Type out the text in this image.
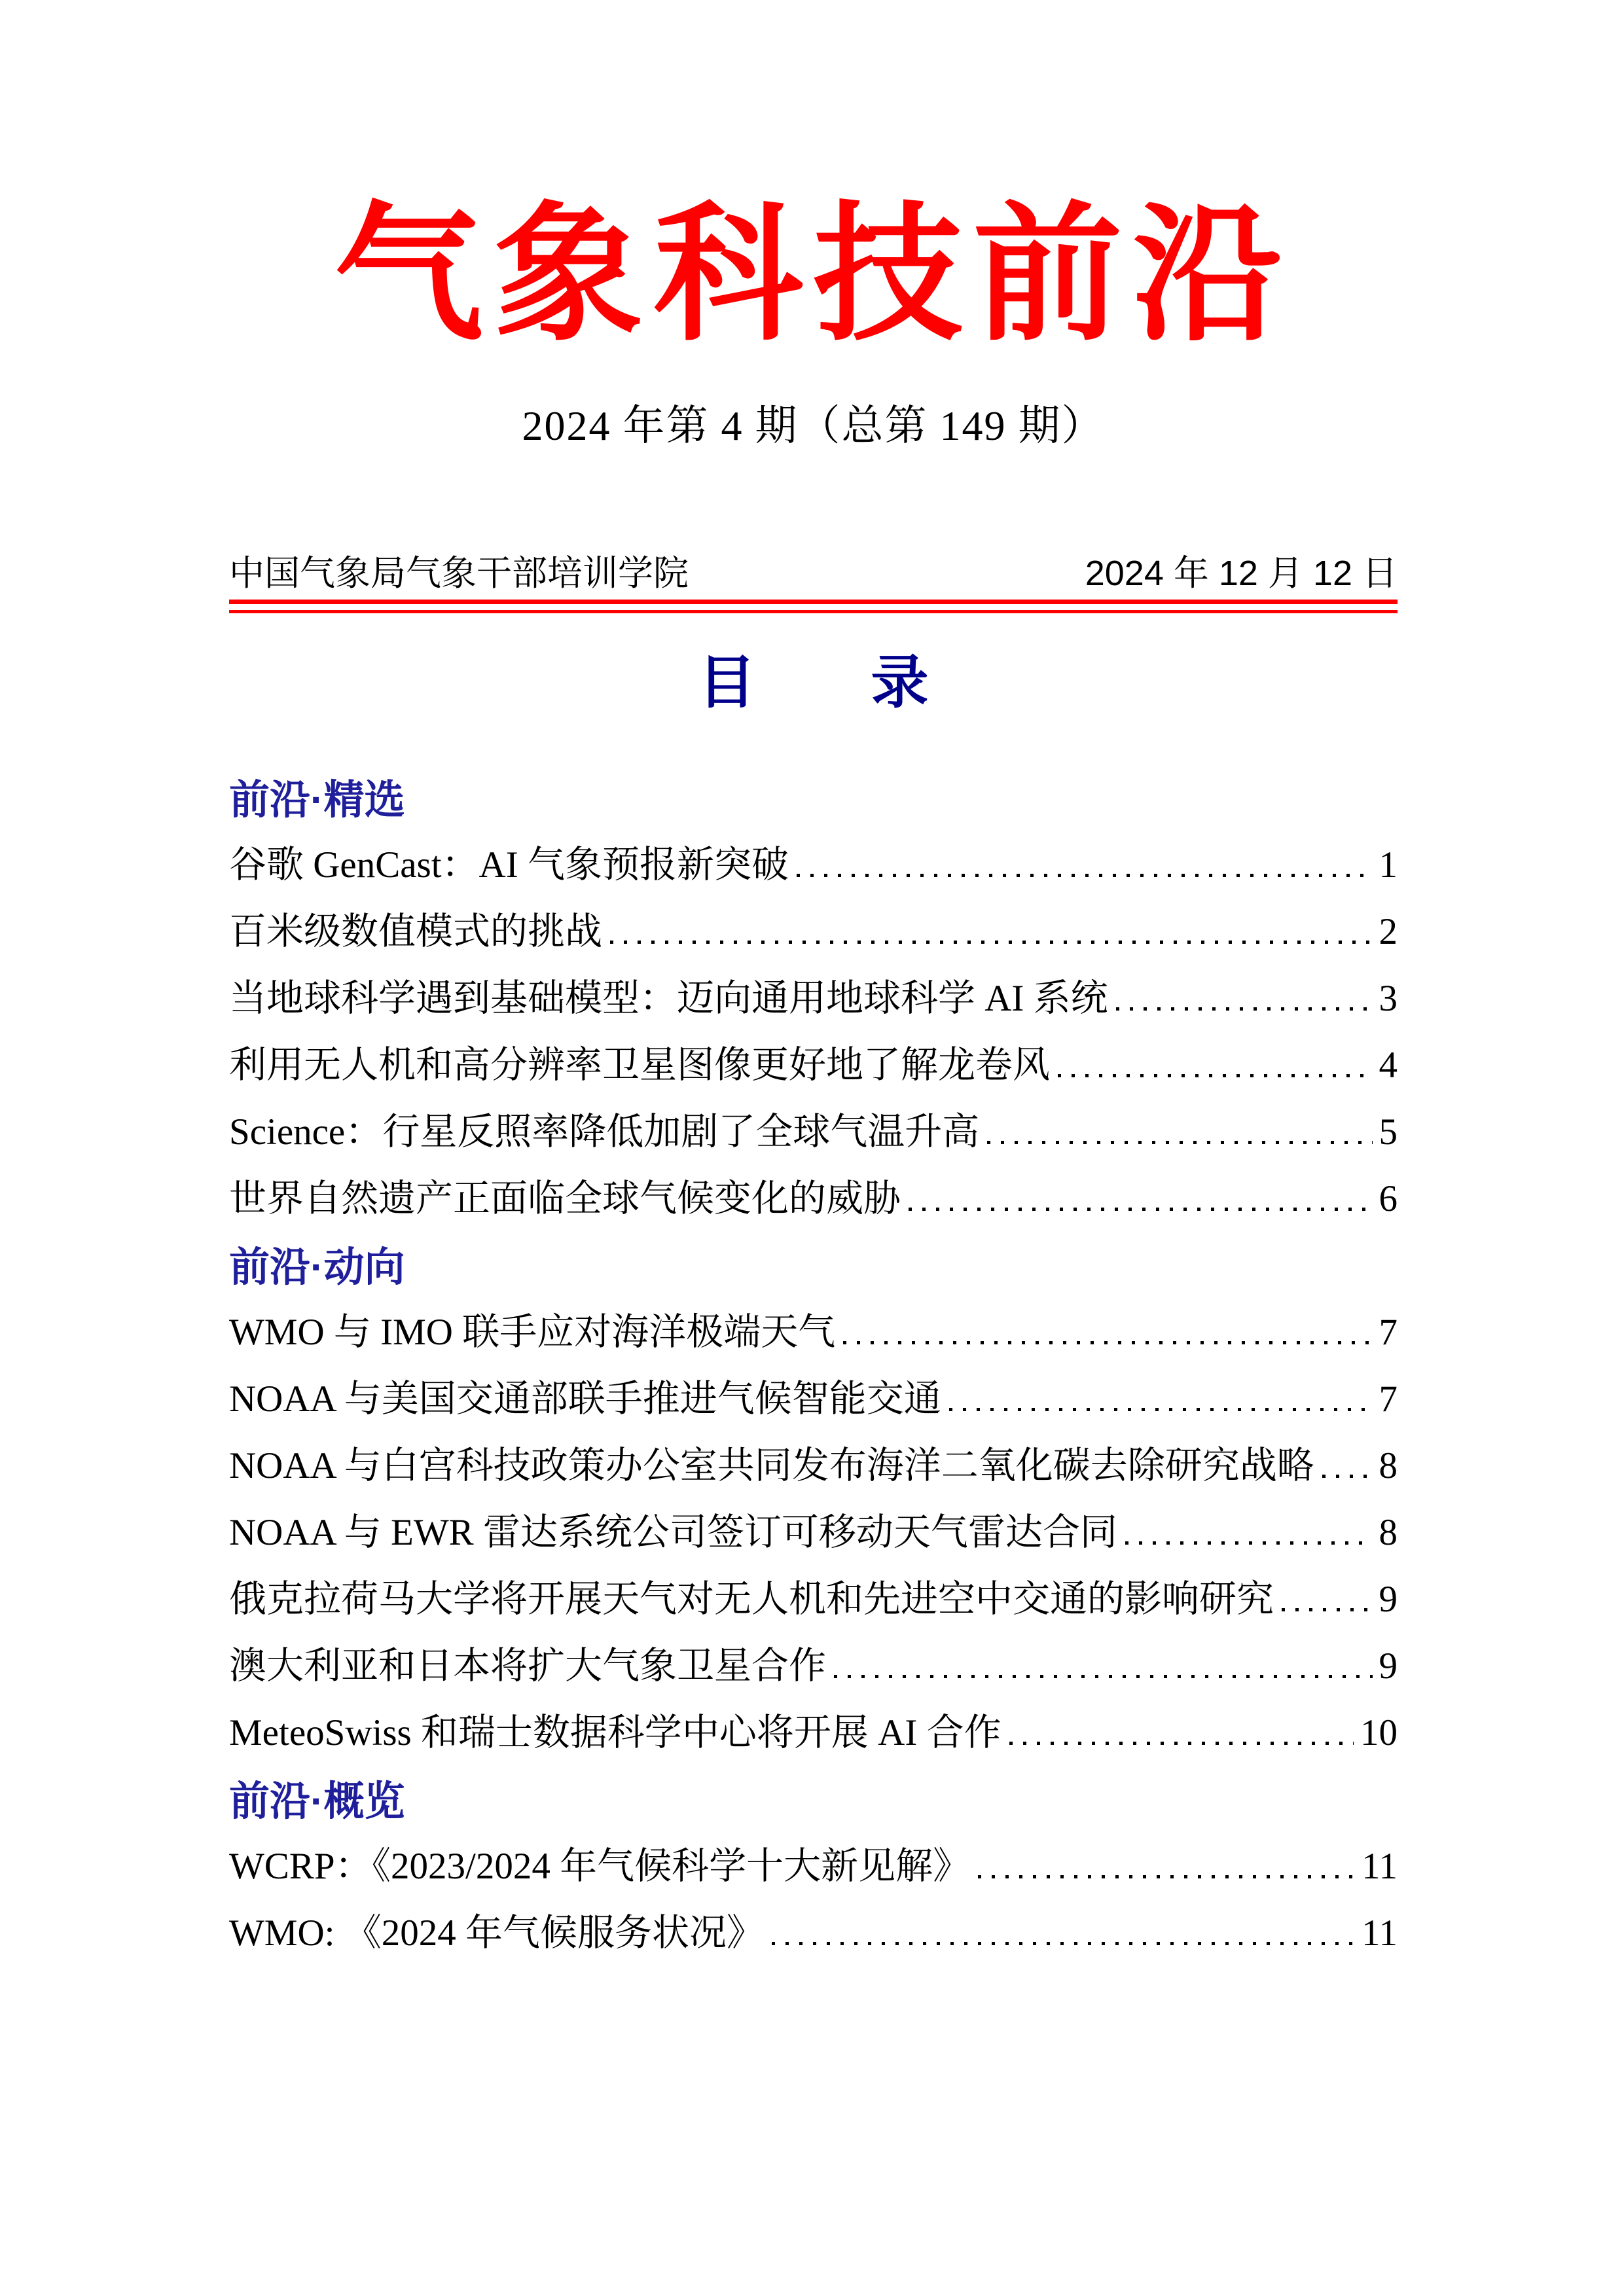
气象科技前沿
2024 年第 4 期（总第 149 期）
中国气象局气象干部培训学院	2024 年 12 月 12 日
目　　录
前沿·精选
谷歌 GenCast：AI 气象预报新突破	1
百米级数值模式的挑战	2
当地球科学遇到基础模型：迈向通用地球科学 AI 系统	3
利用无人机和高分辨率卫星图像更好地了解龙卷风	4
Science：行星反照率降低加剧了全球气温升高	5
世界自然遗产正面临全球气候变化的威胁	6
前沿·动向
WMO 与 IMO 联手应对海洋极端天气	7
NOAA 与美国交通部联手推进气候智能交通	7
NOAA 与白宫科技政策办公室共同发布海洋二氧化碳去除研究战略 8
NOAA 与 EWR 雷达系统公司签订可移动天气雷达合同	8
俄克拉荷马大学将开展天气对无人机和先进空中交通的影响研究	9
澳大利亚和日本将扩大气象卫星合作	9
MeteoSwiss 和瑞士数据科学中心将开展 AI 合作	10
前沿·概览
WCRP：《2023/2024 年气候科学十大新见解》	11
WMO: 《2024 年气候服务状况》	11
